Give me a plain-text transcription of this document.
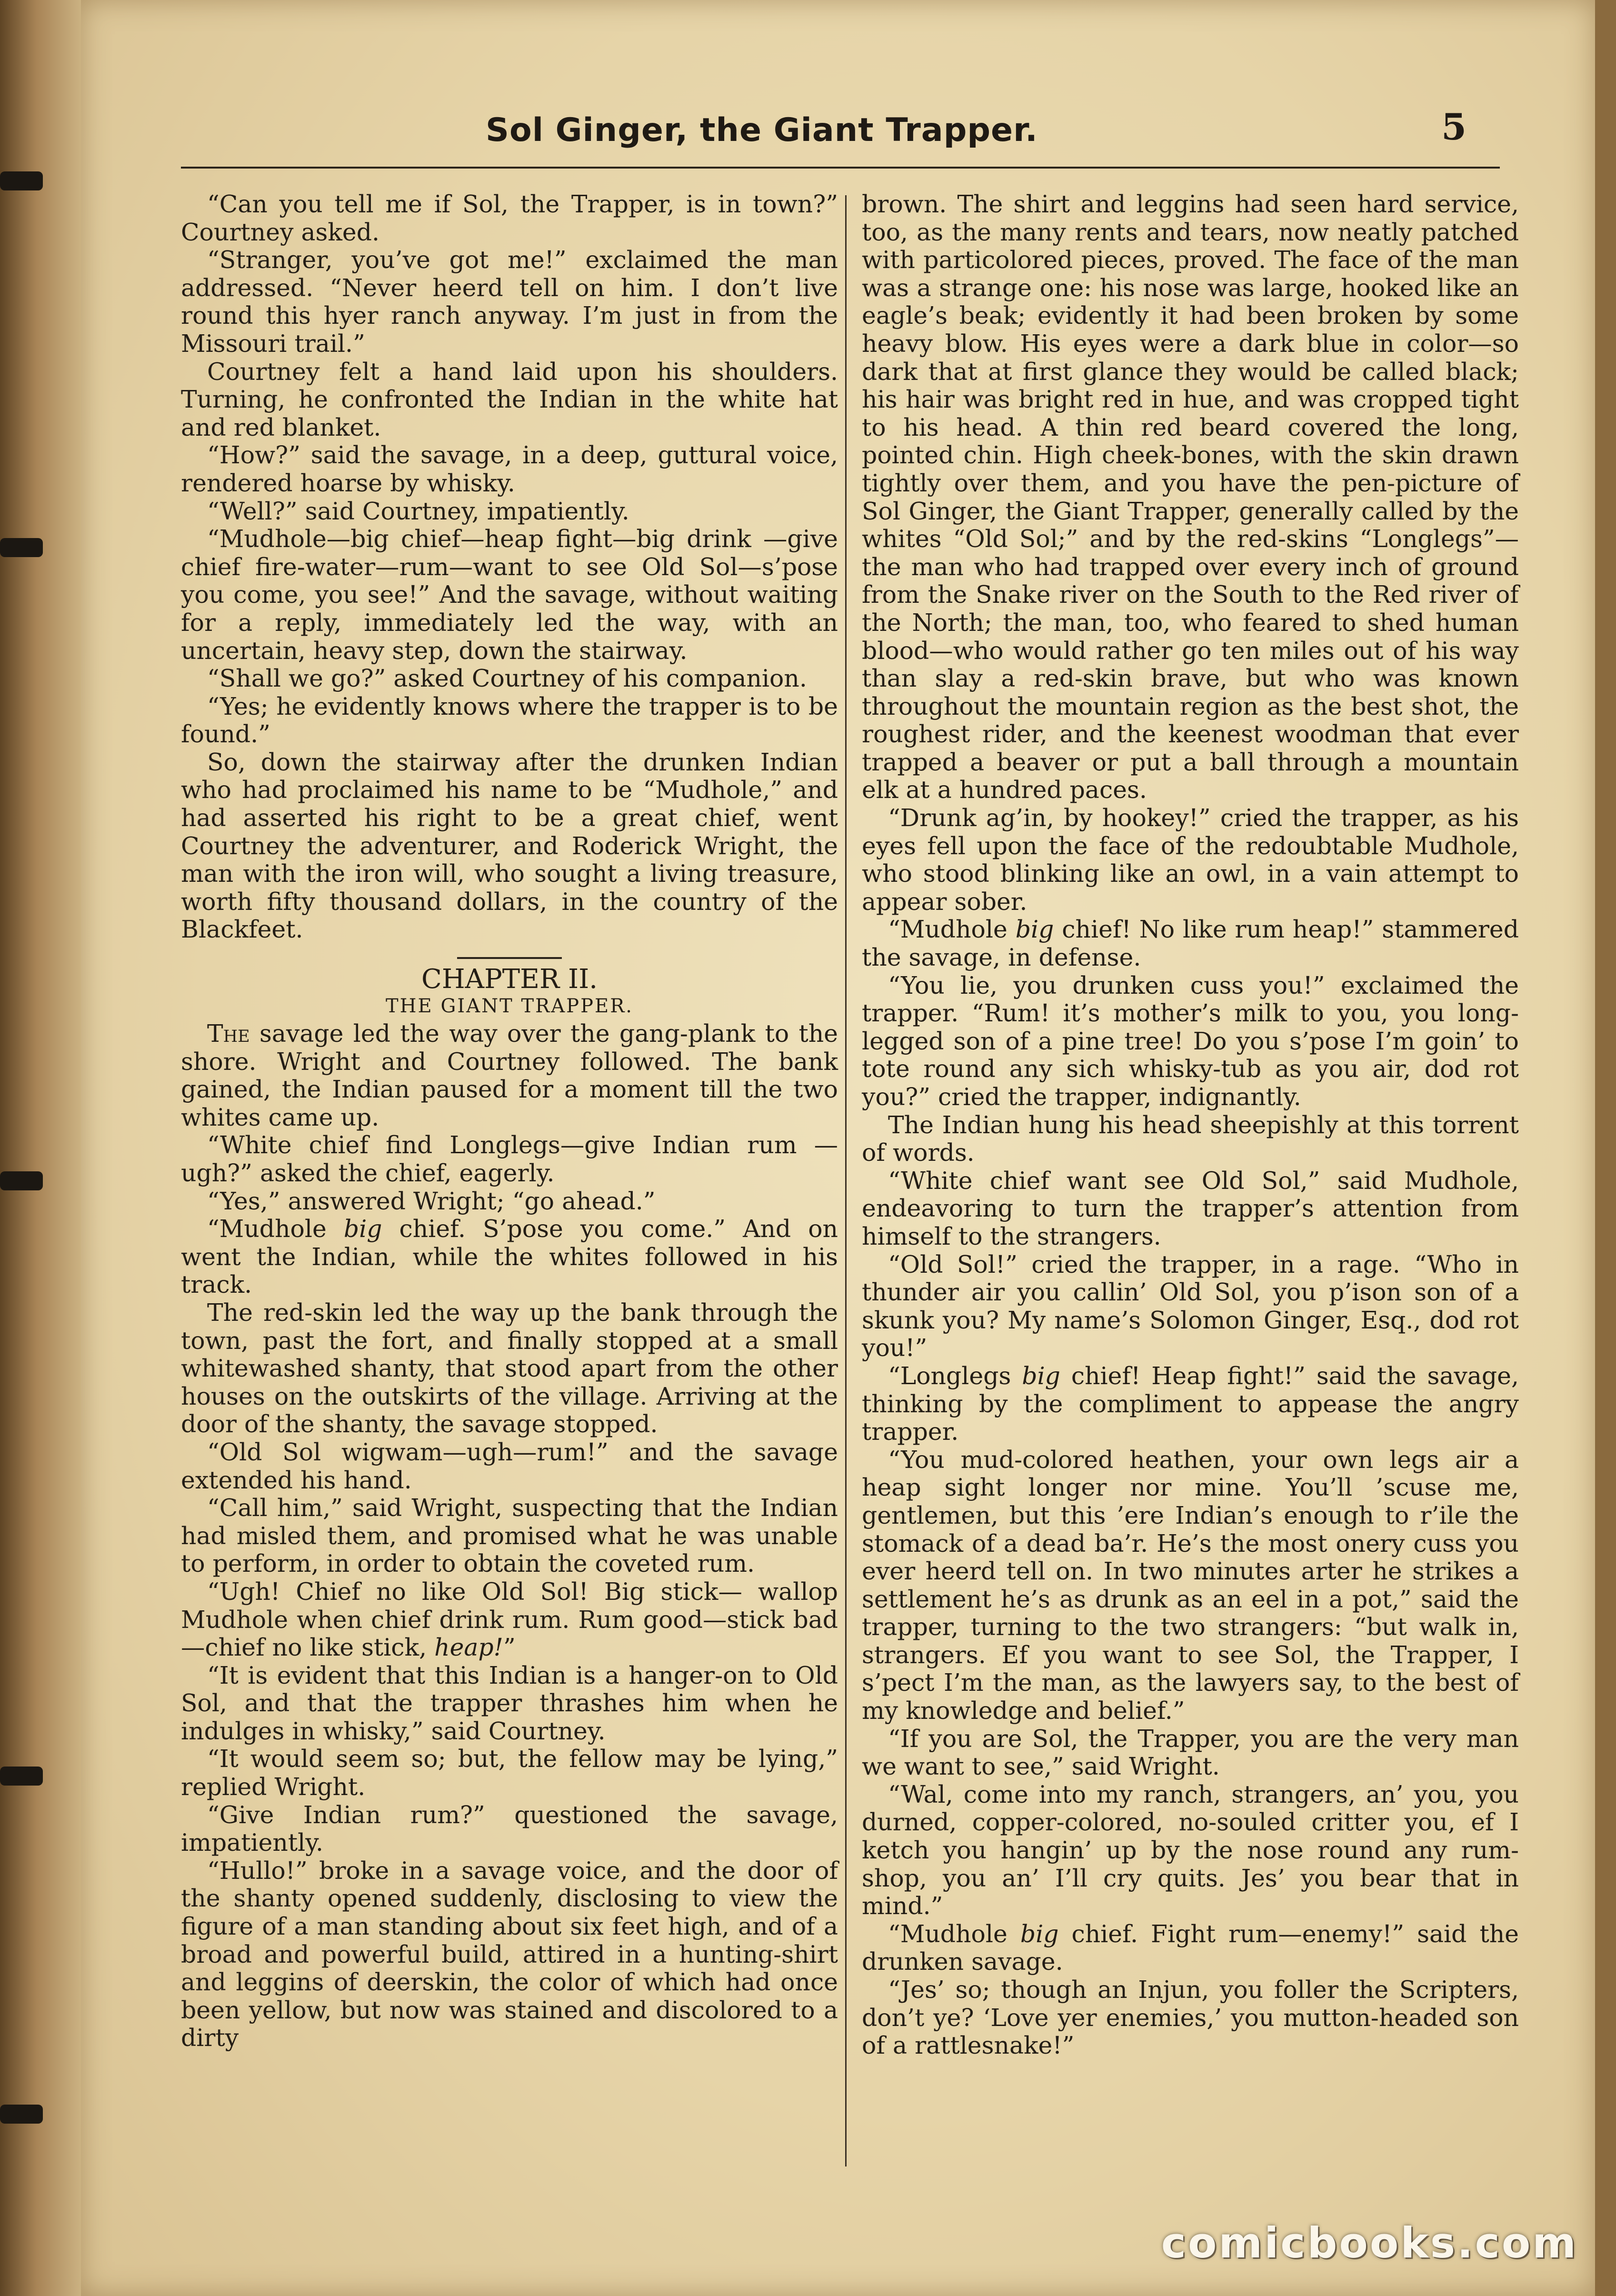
Sol Ginger, the Giant Trapper.	5

“Can you tell me if Sol, the Trapper, is in town?” Courtney asked.

“Stranger, you’ve got me!” exclaimed the man addressed. “Never heerd tell on him. I don’t live round this hyer ranch anyway. I’m just in from the Missouri trail.”

Courtney felt a hand laid upon his shoulders. Turning, he confronted the Indian in the white hat and red blanket.

“How?” said the savage, in a deep, guttural voice, rendered hoarse by whisky.

“Well?” said Courtney, impatiently.

“Mudhole—big chief—heap fight—big drink —give chief fire-water—rum—want to see Old Sol—s’pose you come, you see!” And the savage, without waiting for a reply, immediately led the way, with an uncertain, heavy step, down the stairway.

“Shall we go?” asked Courtney of his companion.

“Yes; he evidently knows where the trapper is to be found.”

So, down the stairway after the drunken Indian who had proclaimed his name to be “Mudhole,” and had asserted his right to be a great chief, went Courtney the adventurer, and Roderick Wright, the man with the iron will, who sought a living treasure, worth fifty thousand dollars, in the country of the Blackfeet.

CHAPTER II.
THE GIANT TRAPPER.

The savage led the way over the gang-plank to the shore. Wright and Courtney followed. The bank gained, the Indian paused for a moment till the two whites came up.

“White chief find Longlegs—give Indian rum —ugh?” asked the chief, eagerly.

“Yes,” answered Wright; “go ahead.”

“Mudhole big chief. S’pose you come.” And on went the Indian, while the whites followed in his track.

The red-skin led the way up the bank through the town, past the fort, and finally stopped at a small whitewashed shanty, that stood apart from the other houses on the outskirts of the village. Arriving at the door of the shanty, the savage stopped.

“Old Sol wigwam—ugh—rum!” and the savage extended his hand.

“Call him,” said Wright, suspecting that the Indian had misled them, and promised what he was unable to perform, in order to obtain the coveted rum.

“Ugh! Chief no like Old Sol! Big stick— wallop Mudhole when chief drink rum. Rum good—stick bad—chief no like stick, heap!”

“It is evident that this Indian is a hanger-on to Old Sol, and that the trapper thrashes him when he indulges in whisky,” said Courtney.

“It would seem so; but, the fellow may be lying,” replied Wright.

“Give Indian rum?” questioned the savage, impatiently.

“Hullo!” broke in a savage voice, and the door of the shanty opened suddenly, disclosing to view the figure of a man standing about six feet high, and of a broad and powerful build, attired in a hunting-shirt and leggins of deerskin, the color of which had once been yellow, but now was stained and discolored to a dirty

brown. The shirt and leggins had seen hard service, too, as the many rents and tears, now neatly patched with particolored pieces, proved. The face of the man was a strange one: his nose was large, hooked like an eagle’s beak; evidently it had been broken by some heavy blow. His eyes were a dark blue in color—so dark that at first glance they would be called black; his hair was bright red in hue, and was cropped tight to his head. A thin red beard covered the long, pointed chin. High cheek-bones, with the skin drawn tightly over them, and you have the pen-picture of Sol Ginger, the Giant Trapper, generally called by the whites “Old Sol;” and by the red-skins “Longlegs”—the man who had trapped over every inch of ground from the Snake river on the South to the Red river of the North; the man, too, who feared to shed human blood—who would rather go ten miles out of his way than slay a red-skin brave, but who was known throughout the mountain region as the best shot, the roughest rider, and the keenest woodman that ever trapped a beaver or put a ball through a mountain elk at a hundred paces.

“Drunk ag’in, by hookey!” cried the trapper, as his eyes fell upon the face of the redoubtable Mudhole, who stood blinking like an owl, in a vain attempt to appear sober.

“Mudhole big chief! No like rum heap!” stammered the savage, in defense.

“You lie, you drunken cuss you!” exclaimed the trapper. “Rum! it’s mother’s milk to you, you long-legged son of a pine tree! Do you s’pose I’m goin’ to tote round any sich whisky-tub as you air, dod rot you?” cried the trapper, indignantly.

The Indian hung his head sheepishly at this torrent of words.

“White chief want see Old Sol,” said Mudhole, endeavoring to turn the trapper’s attention from himself to the strangers.

“Old Sol!” cried the trapper, in a rage. “Who in thunder air you callin’ Old Sol, you p’ison son of a skunk you? My name’s Solomon Ginger, Esq., dod rot you!”

“Longlegs big chief! Heap fight!” said the savage, thinking by the compliment to appease the angry trapper.

“You mud-colored heathen, your own legs air a heap sight longer nor mine. You’ll ’scuse me, gentlemen, but this ’ere Indian’s enough to r’ile the stomack of a dead ba’r. He’s the most onery cuss you ever heerd tell on. In two minutes arter he strikes a settlement he’s as drunk as an eel in a pot,” said the trapper, turning to the two strangers: “but walk in, strangers. Ef you want to see Sol, the Trapper, I s’pect I’m the man, as the lawyers say, to the best of my knowledge and belief.”

“If you are Sol, the Trapper, you are the very man we want to see,” said Wright.

“Wal, come into my ranch, strangers, an’ you, you durned, copper-colored, no-souled critter you, ef I ketch you hangin’ up by the nose round any rum-shop, you an’ I’ll cry quits. Jes’ you bear that in mind.”

“Mudhole big chief. Fight rum—enemy!” said the drunken savage.

“Jes’ so; though an Injun, you foller the Scripters, don’t ye? ‘Love yer enemies,’ you mutton-headed son of a rattlesnake!”

comicbooks.com
